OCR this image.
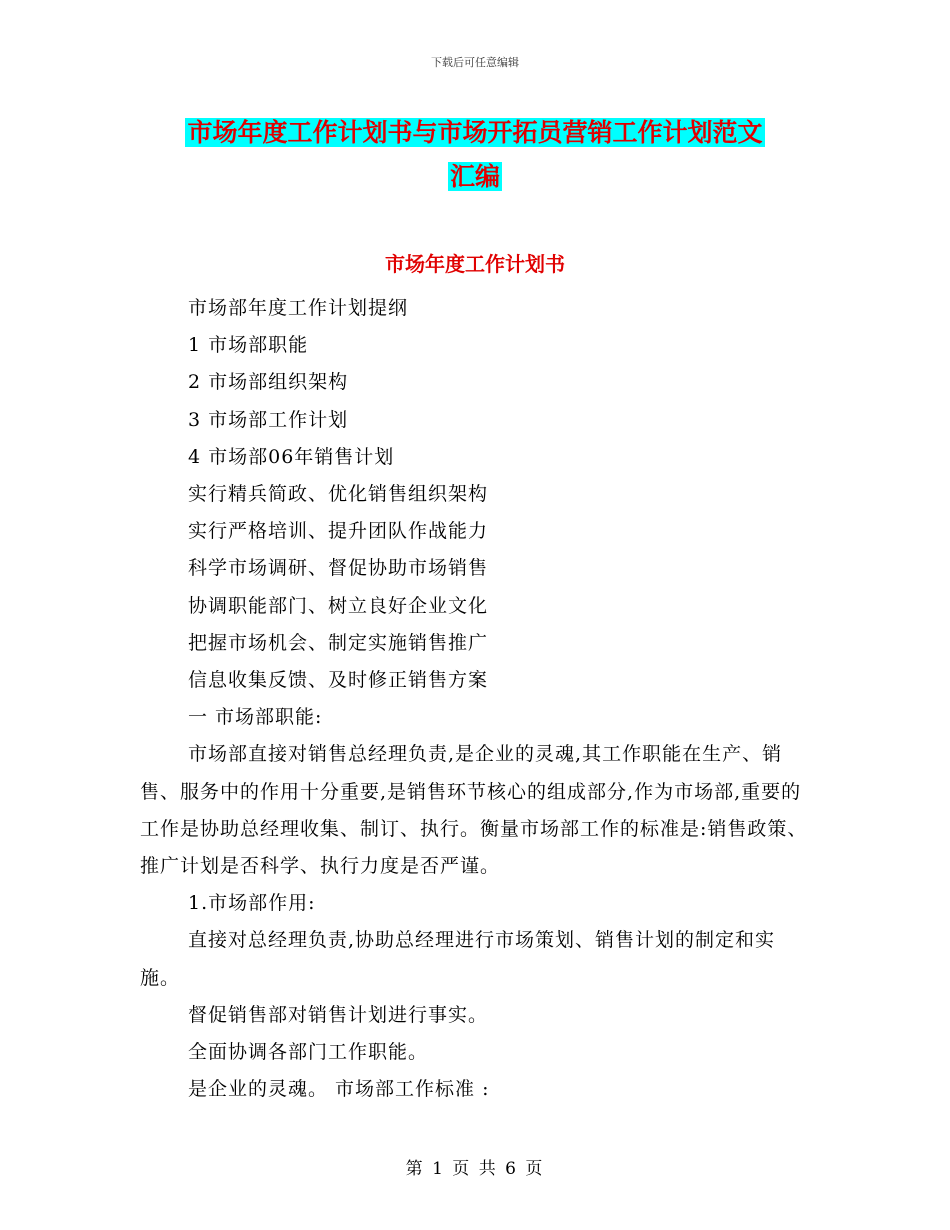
下载后可任意编辑
市场年度工作计划书与市场开拓员营销工作计划范文
汇编
市场年度工作计划书

市场部年度工作计划提纲

1 市场部职能

2 市场部组织架构

3 市场部工作计划

4 市场部06年销售计划

实行精兵简政、优化销售组织架构

实行严格培训、提升团队作战能力

科学市场调研、督促协助市场销售

协调职能部门、树立良好企业文化

把握市场机会、制定实施销售推广

信息收集反馈、及时修正销售方案

一 市场部职能:

市场部直接对销售总经理负责,是企业的灵魂,其工作职能在生产、销售、服务中的作用十分重要,是销售环节核心的组成部分,作为市场部,重要的工作是协助总经理收集、制订、执行。衡量市场部工作的标准是:销售政策、推广计划是否科学、执行力度是否严谨。

1.市场部作用:

直接对总经理负责,协助总经理进行市场策划、销售计划的制定和实施。

督促销售部对销售计划进行事实。

全面协调各部门工作职能。

是企业的灵魂。 市场部工作标准 :

第 1 页 共 6 页
